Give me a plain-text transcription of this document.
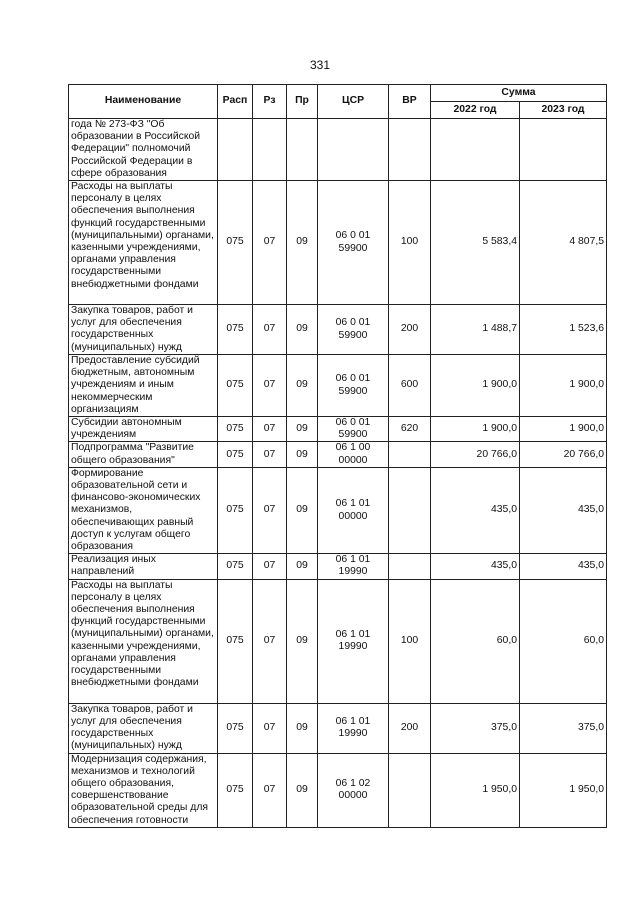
331
Наименование	Расп	Рз	Пр	ЦСР	ВР	Сумма	
						2022 год	2023 год
года № 273-ФЗ "Об образовании в Российской Федерации" полномочий Российской Федерации в сфере образования							
Расходы на выплаты персоналу в целях обеспечения выполнения функций государственными (муниципальными) органами, казенными учреждениями, органами управления государственными внебюджетными фондами	075	07	09	06 0 01 59900	100	5 583,4	4 807,5
Закупка товаров, работ и услуг для обеспечения государственных (муниципальных) нужд	075	07	09	06 0 01 59900	200	1 488,7	1 523,6
Предоставление субсидий бюджетным, автономным учреждениям и иным некоммерческим организациям	075	07	09	06 0 01 59900	600	1 900,0	1 900,0
Субсидии автономным учреждениям	075	07	09	06 0 01 59900	620	1 900,0	1 900,0
Подпрограмма "Развитие общего образования"	075	07	09	06 1 00 00000		20 766,0	20 766,0
Формирование образовательной сети и финансово-экономических механизмов, обеспечивающих равный доступ к услугам общего образования	075	07	09	06 1 01 00000		435,0	435,0
Реализация иных направлений	075	07	09	06 1 01 19990		435,0	435,0
Расходы на выплаты персоналу в целях обеспечения выполнения функций государственными (муниципальными) органами, казенными учреждениями, органами управления государственными внебюджетными фондами	075	07	09	06 1 01 19990	100	60,0	60,0
Закупка товаров, работ и услуг для обеспечения государственных (муниципальных) нужд	075	07	09	06 1 01 19990	200	375,0	375,0
Модернизация содержания, механизмов и технологий общего образования, совершенствование образовательной среды для обеспечения готовности	075	07	09	06 1 02 00000		1 950,0	1 950,0
